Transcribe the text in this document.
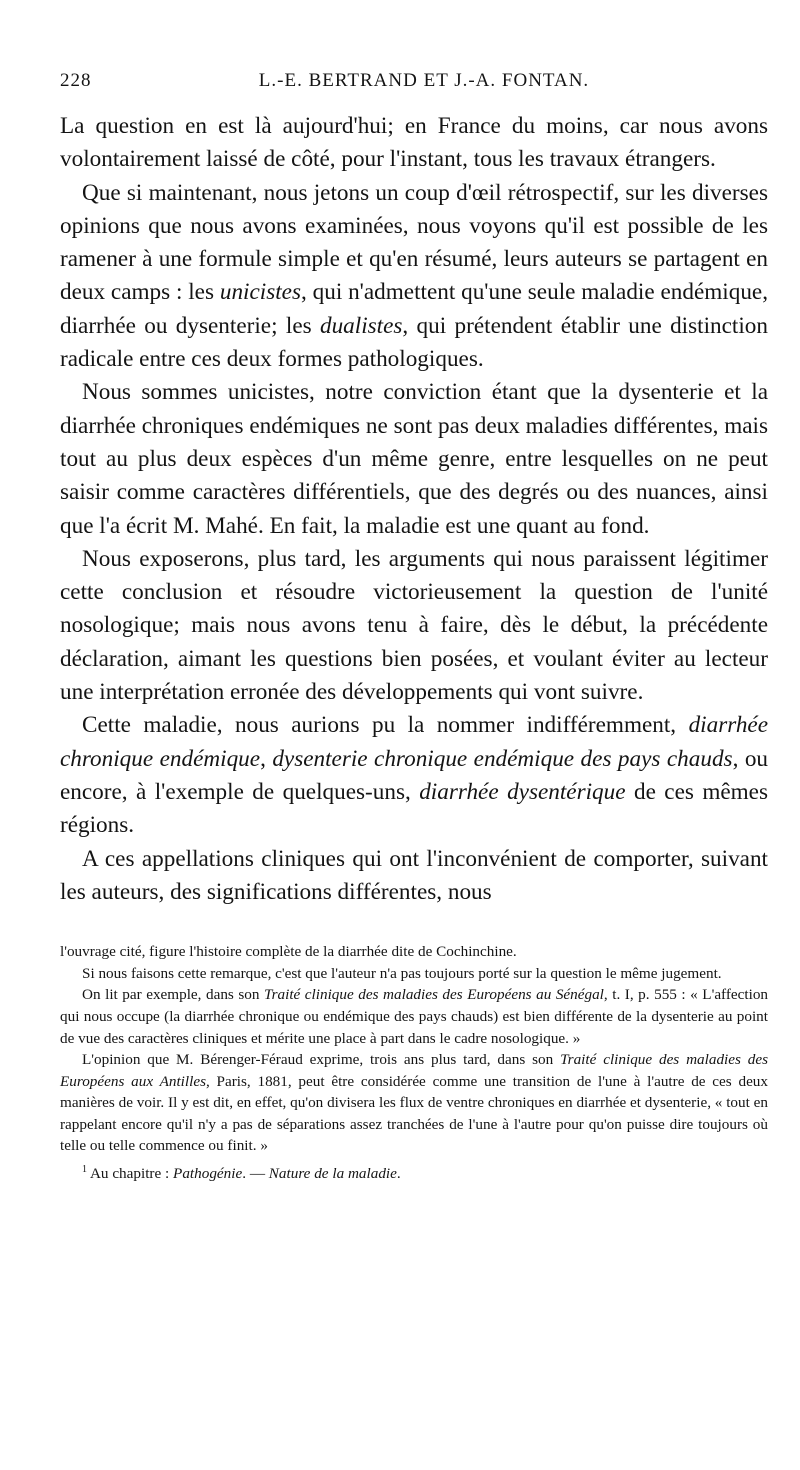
228	L.-E. BERTRAND ET J.-A. FONTAN.

La question en est là aujourd'hui; en France du moins, car nous avons volontairement laissé de côté, pour l'instant, tous les travaux étrangers.

Que si maintenant, nous jetons un coup d'œil rétrospectif, sur les diverses opinions que nous avons examinées, nous voyons qu'il est possible de les ramener à une formule simple et qu'en résumé, leurs auteurs se partagent en deux camps : les unicistes, qui n'admettent qu'une seule maladie endémique, diarrhée ou dysenterie; les dualistes, qui prétendent établir une distinction radicale entre ces deux formes pathologiques.

Nous sommes unicistes, notre conviction étant que la dysenterie et la diarrhée chroniques endémiques ne sont pas deux maladies différentes, mais tout au plus deux espèces d'un même genre, entre lesquelles on ne peut saisir comme caractères différentiels, que des degrés ou des nuances, ainsi que l'a écrit M. Mahé. En fait, la maladie est une quant au fond.

Nous exposerons, plus tard, les arguments qui nous paraissent légitimer cette conclusion et résoudre victorieusement la question de l'unité nosologique; mais nous avons tenu à faire, dès le début, la précédente déclaration, aimant les questions bien posées, et voulant éviter au lecteur une interprétation erronée des développements qui vont suivre.

Cette maladie, nous aurions pu la nommer indifféremment, diarrhée chronique endémique, dysenterie chronique endémique des pays chauds, ou encore, à l'exemple de quelques-uns, diarrhée dysentérique de ces mêmes régions.

A ces appellations cliniques qui ont l'inconvénient de comporter, suivant les auteurs, des significations différentes, nous

l'ouvrage cité, figure l'histoire complète de la diarrhée dite de Cochinchine.

Si nous faisons cette remarque, c'est que l'auteur n'a pas toujours porté sur la question le même jugement.

On lit par exemple, dans son Traité clinique des maladies des Européens au Sénégal, t. I, p. 555 : « L'affection qui nous occupe (la diarrhée chronique ou endémique des pays chauds) est bien différente de la dysenterie au point de vue des caractères cliniques et mérite une place à part dans le cadre nosologique. »

L'opinion que M. Bérenger-Féraud exprime, trois ans plus tard, dans son Traité clinique des maladies des Européens aux Antilles, Paris, 1881, peut être considérée comme une transition de l'une à l'autre de ces deux manières de voir. Il y est dit, en effet, qu'on divisera les flux de ventre chroniques en diarrhée et dysenterie, « tout en rappelant encore qu'il n'y a pas de séparations assez tranchées de l'une à l'autre pour qu'on puisse dire toujours où telle ou telle commence ou finit. »

$^1$ Au chapitre : Pathogénie. — Nature de la maladie.
